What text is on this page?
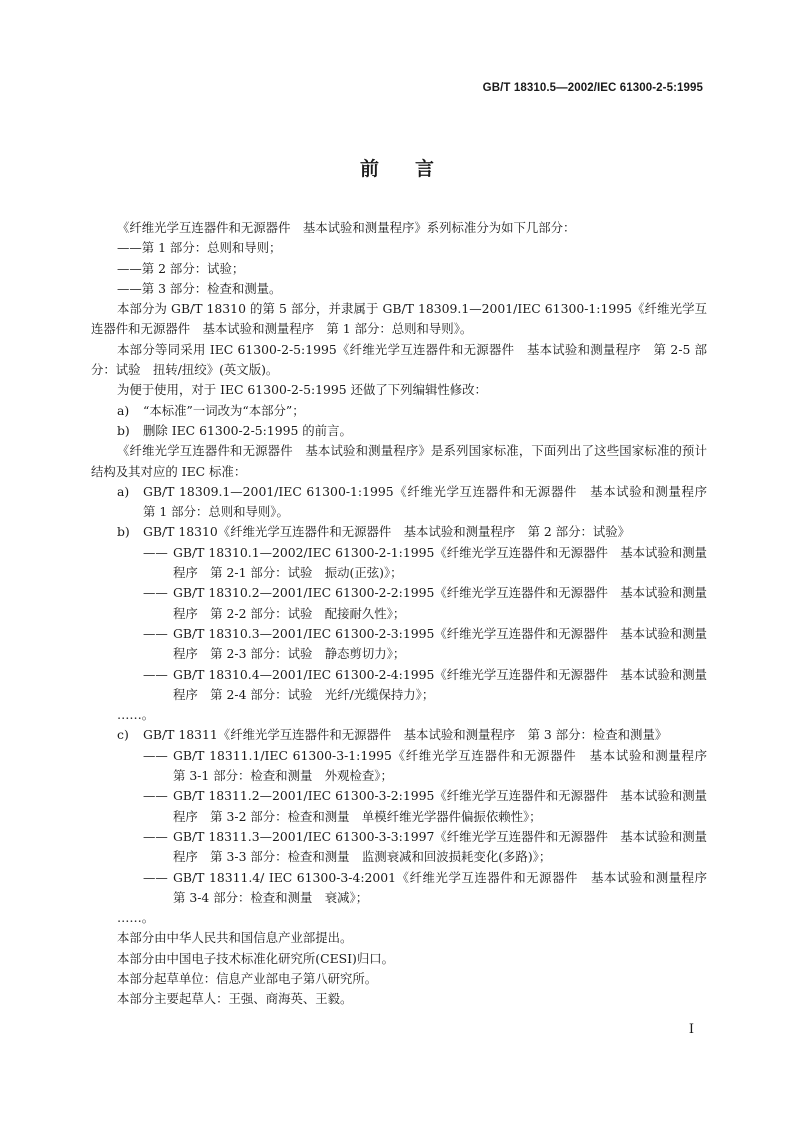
GB/T 18310.5—2002/IEC 61300-2-5:1995
前言

《纤维光学互连器件和无源器件　基本试验和测量程序》系列标准分为如下几部分：

——第 1 部分：总则和导则；

——第 2 部分：试验；

——第 3 部分：检查和测量。

本部分为 GB/T 18310 的第 5 部分，并隶属于 GB/T 18309.1—2001/IEC 61300-1:1995《纤维光学互连器件和无源器件　基本试验和测量程序　第 1 部分：总则和导则》。

本部分等同采用 IEC 61300-2-5:1995《纤维光学互连器件和无源器件　基本试验和测量程序　第 2-5 部分：试验　扭转/扭绞》(英文版)。

为便于使用，对于 IEC 61300-2-5:1995 还做了下列编辑性修改：

a)	“本标准”一词改为“本部分”；
b)	删除 IEC 61300-2-5:1995 的前言。

《纤维光学互连器件和无源器件　基本试验和测量程序》是系列国家标准，下面列出了这些国家标准的预计结构及其对应的 IEC 标准：

a)	GB/T 18309.1—2001/IEC 61300-1:1995《纤维光学互连器件和无源器件　基本试验和测量程序　第 1 部分：总则和导则》。
b)	GB/T 18310《纤维光学互连器件和无源器件　基本试验和测量程序　第 2 部分：试验》
—— GB/T 18310.1—2002/IEC 61300-2-1:1995《纤维光学互连器件和无源器件　基本试验和测量程序　第 2-1 部分：试验　振动(正弦)》；
—— GB/T 18310.2—2001/IEC 61300-2-2:1995《纤维光学互连器件和无源器件　基本试验和测量程序　第 2-2 部分：试验　配接耐久性》；
—— GB/T 18310.3—2001/IEC 61300-2-3:1995《纤维光学互连器件和无源器件　基本试验和测量程序　第 2-3 部分：试验　静态剪切力》；
—— GB/T 18310.4—2001/IEC 61300-2-4:1995《纤维光学互连器件和无源器件　基本试验和测量程序　第 2-4 部分：试验　光纤/光缆保持力》；

……。

c)	GB/T 18311《纤维光学互连器件和无源器件　基本试验和测量程序　第 3 部分：检查和测量》
—— GB/T 18311.1/IEC 61300-3-1:1995《纤维光学互连器件和无源器件　基本试验和测量程序　第 3-1 部分：检查和测量　外观检查》；
—— GB/T 18311.2—2001/IEC 61300-3-2:1995《纤维光学互连器件和无源器件　基本试验和测量程序　第 3-2 部分：检查和测量　单模纤维光学器件偏振依赖性》；
—— GB/T 18311.3—2001/IEC 61300-3-3:1997《纤维光学互连器件和无源器件　基本试验和测量程序　第 3-3 部分：检查和测量　监测衰减和回波损耗变化(多路)》；
—— GB/T 18311.4/ IEC 61300-3-4:2001《纤维光学互连器件和无源器件　基本试验和测量程序　第 3-4 部分：检查和测量　衰减》；

……。

本部分由中华人民共和国信息产业部提出。

本部分由中国电子技术标准化研究所(CESI)归口。

本部分起草单位：信息产业部电子第八研究所。

本部分主要起草人：王强、商海英、王毅。

I
